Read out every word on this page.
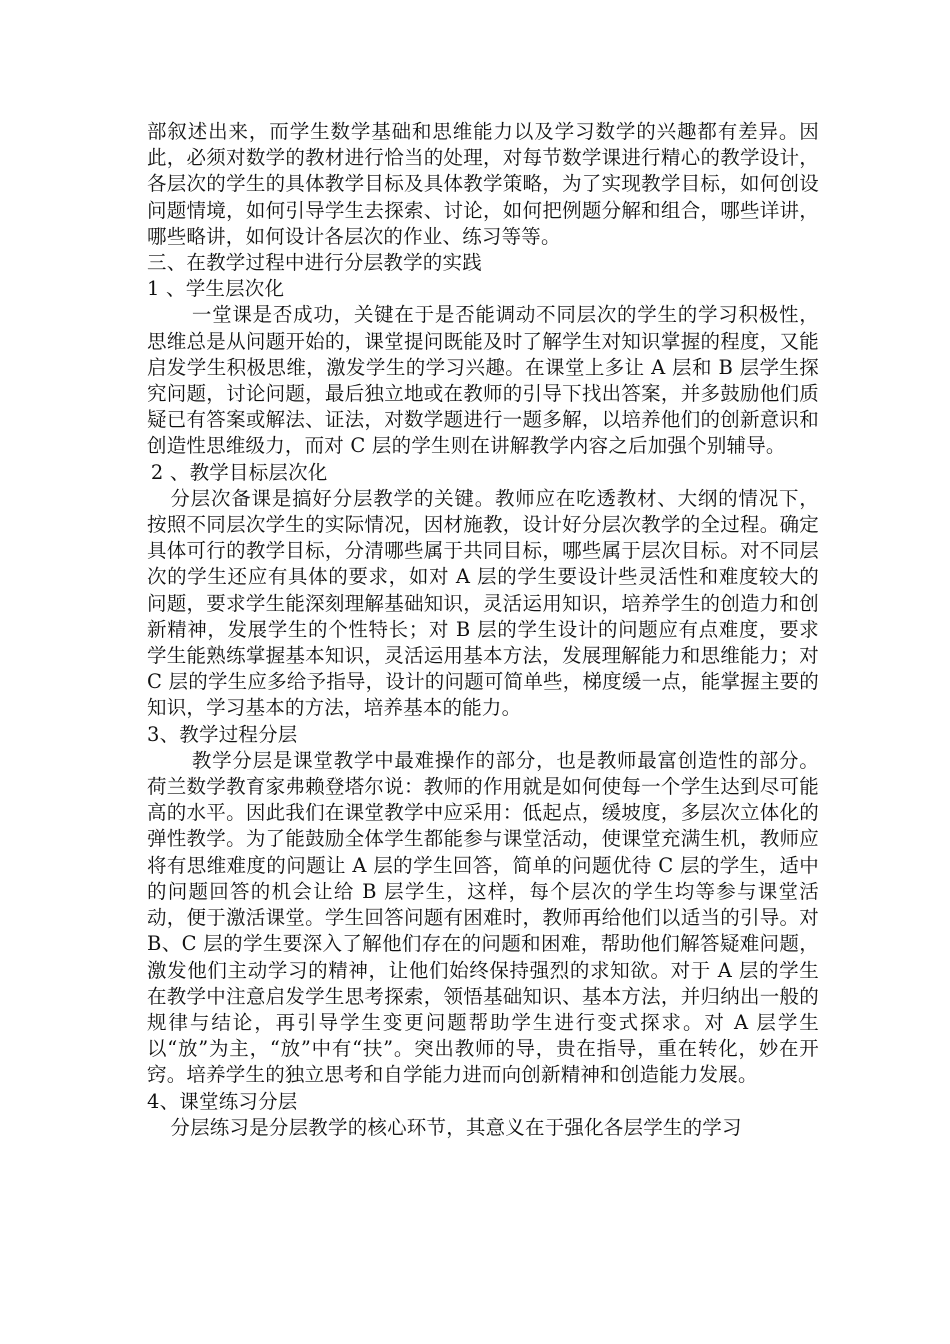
部叙述出来，而学生数学基础和思维能力以及学习数学的兴趣都有差异。因此，必须对数学的教材进行恰当的处理，对每节数学课进行精心的教学设计，各层次的学生的具体教学目标及具体教学策略，为了实现教学目标，如何创设问题情境，如何引导学生去探索、讨论，如何把例题分解和组合，哪些详讲，哪些略讲，如何设计各层次的作业、练习等等。

三、在教学过程中进行分层教学的实践

1 、学生层次化

一堂课是否成功，关键在于是否能调动不同层次的学生的学习积极性，思维总是从问题开始的，课堂提问既能及时了解学生对知识掌握的程度，又能启发学生积极思维，激发学生的学习兴趣。在课堂上多让 A 层和 B 层学生探究问题，讨论问题，最后独立地或在教师的引导下找出答案，并多鼓励他们质疑已有答案或解法、证法，对数学题进行一题多解，以培养他们的创新意识和创造性思维级力，而对 C 层的学生则在讲解教学内容之后加强个别辅导。

2 、教学目标层次化

分层次备课是搞好分层教学的关键。教师应在吃透教材、大纲的情况下，按照不同层次学生的实际情况，因材施教，设计好分层次教学的全过程。确定具体可行的教学目标，分清哪些属于共同目标，哪些属于层次目标。对不同层次的学生还应有具体的要求，如对 A 层的学生要设计些灵活性和难度较大的问题，要求学生能深刻理解基础知识，灵活运用知识，培养学生的创造力和创新精神，发展学生的个性特长；对 B 层的学生设计的问题应有点难度，要求学生能熟练掌握基本知识，灵活运用基本方法，发展理解能力和思维能力；对 C 层的学生应多给予指导，设计的问题可简单些，梯度缓一点，能掌握主要的知识，学习基本的方法，培养基本的能力。

3、教学过程分层

教学分层是课堂教学中最难操作的部分，也是教师最富创造性的部分。荷兰数学教育家弗赖登塔尔说：教师的作用就是如何使每一个学生达到尽可能高的水平。因此我们在课堂教学中应采用：低起点，缓坡度，多层次立体化的弹性教学。为了能鼓励全体学生都能参与课堂活动，使课堂充满生机，教师应将有思维难度的问题让 A 层的学生回答，简单的问题优待 C 层的学生，适中的问题回答的机会让给 B 层学生，这样，每个层次的学生均等参与课堂活动，便于激活课堂。学生回答问题有困难时，教师再给他们以适当的引导。对 B、C 层的学生要深入了解他们存在的问题和困难，帮助他们解答疑难问题，激发他们主动学习的精神，让他们始终保持强烈的求知欲。对于 A 层的学生在教学中注意启发学生思考探索，领悟基础知识、基本方法，并归纳出一般的规律与结论，再引导学生变更问题帮助学生进行变式探求。对 A 层学生以“放”为主，“放”中有“扶”。突出教师的导，贵在指导，重在转化，妙在开窍。培养学生的独立思考和自学能力进而向创新精神和创造能力发展。

4、课堂练习分层

分层练习是分层教学的核心环节，其意义在于强化各层学生的学习
